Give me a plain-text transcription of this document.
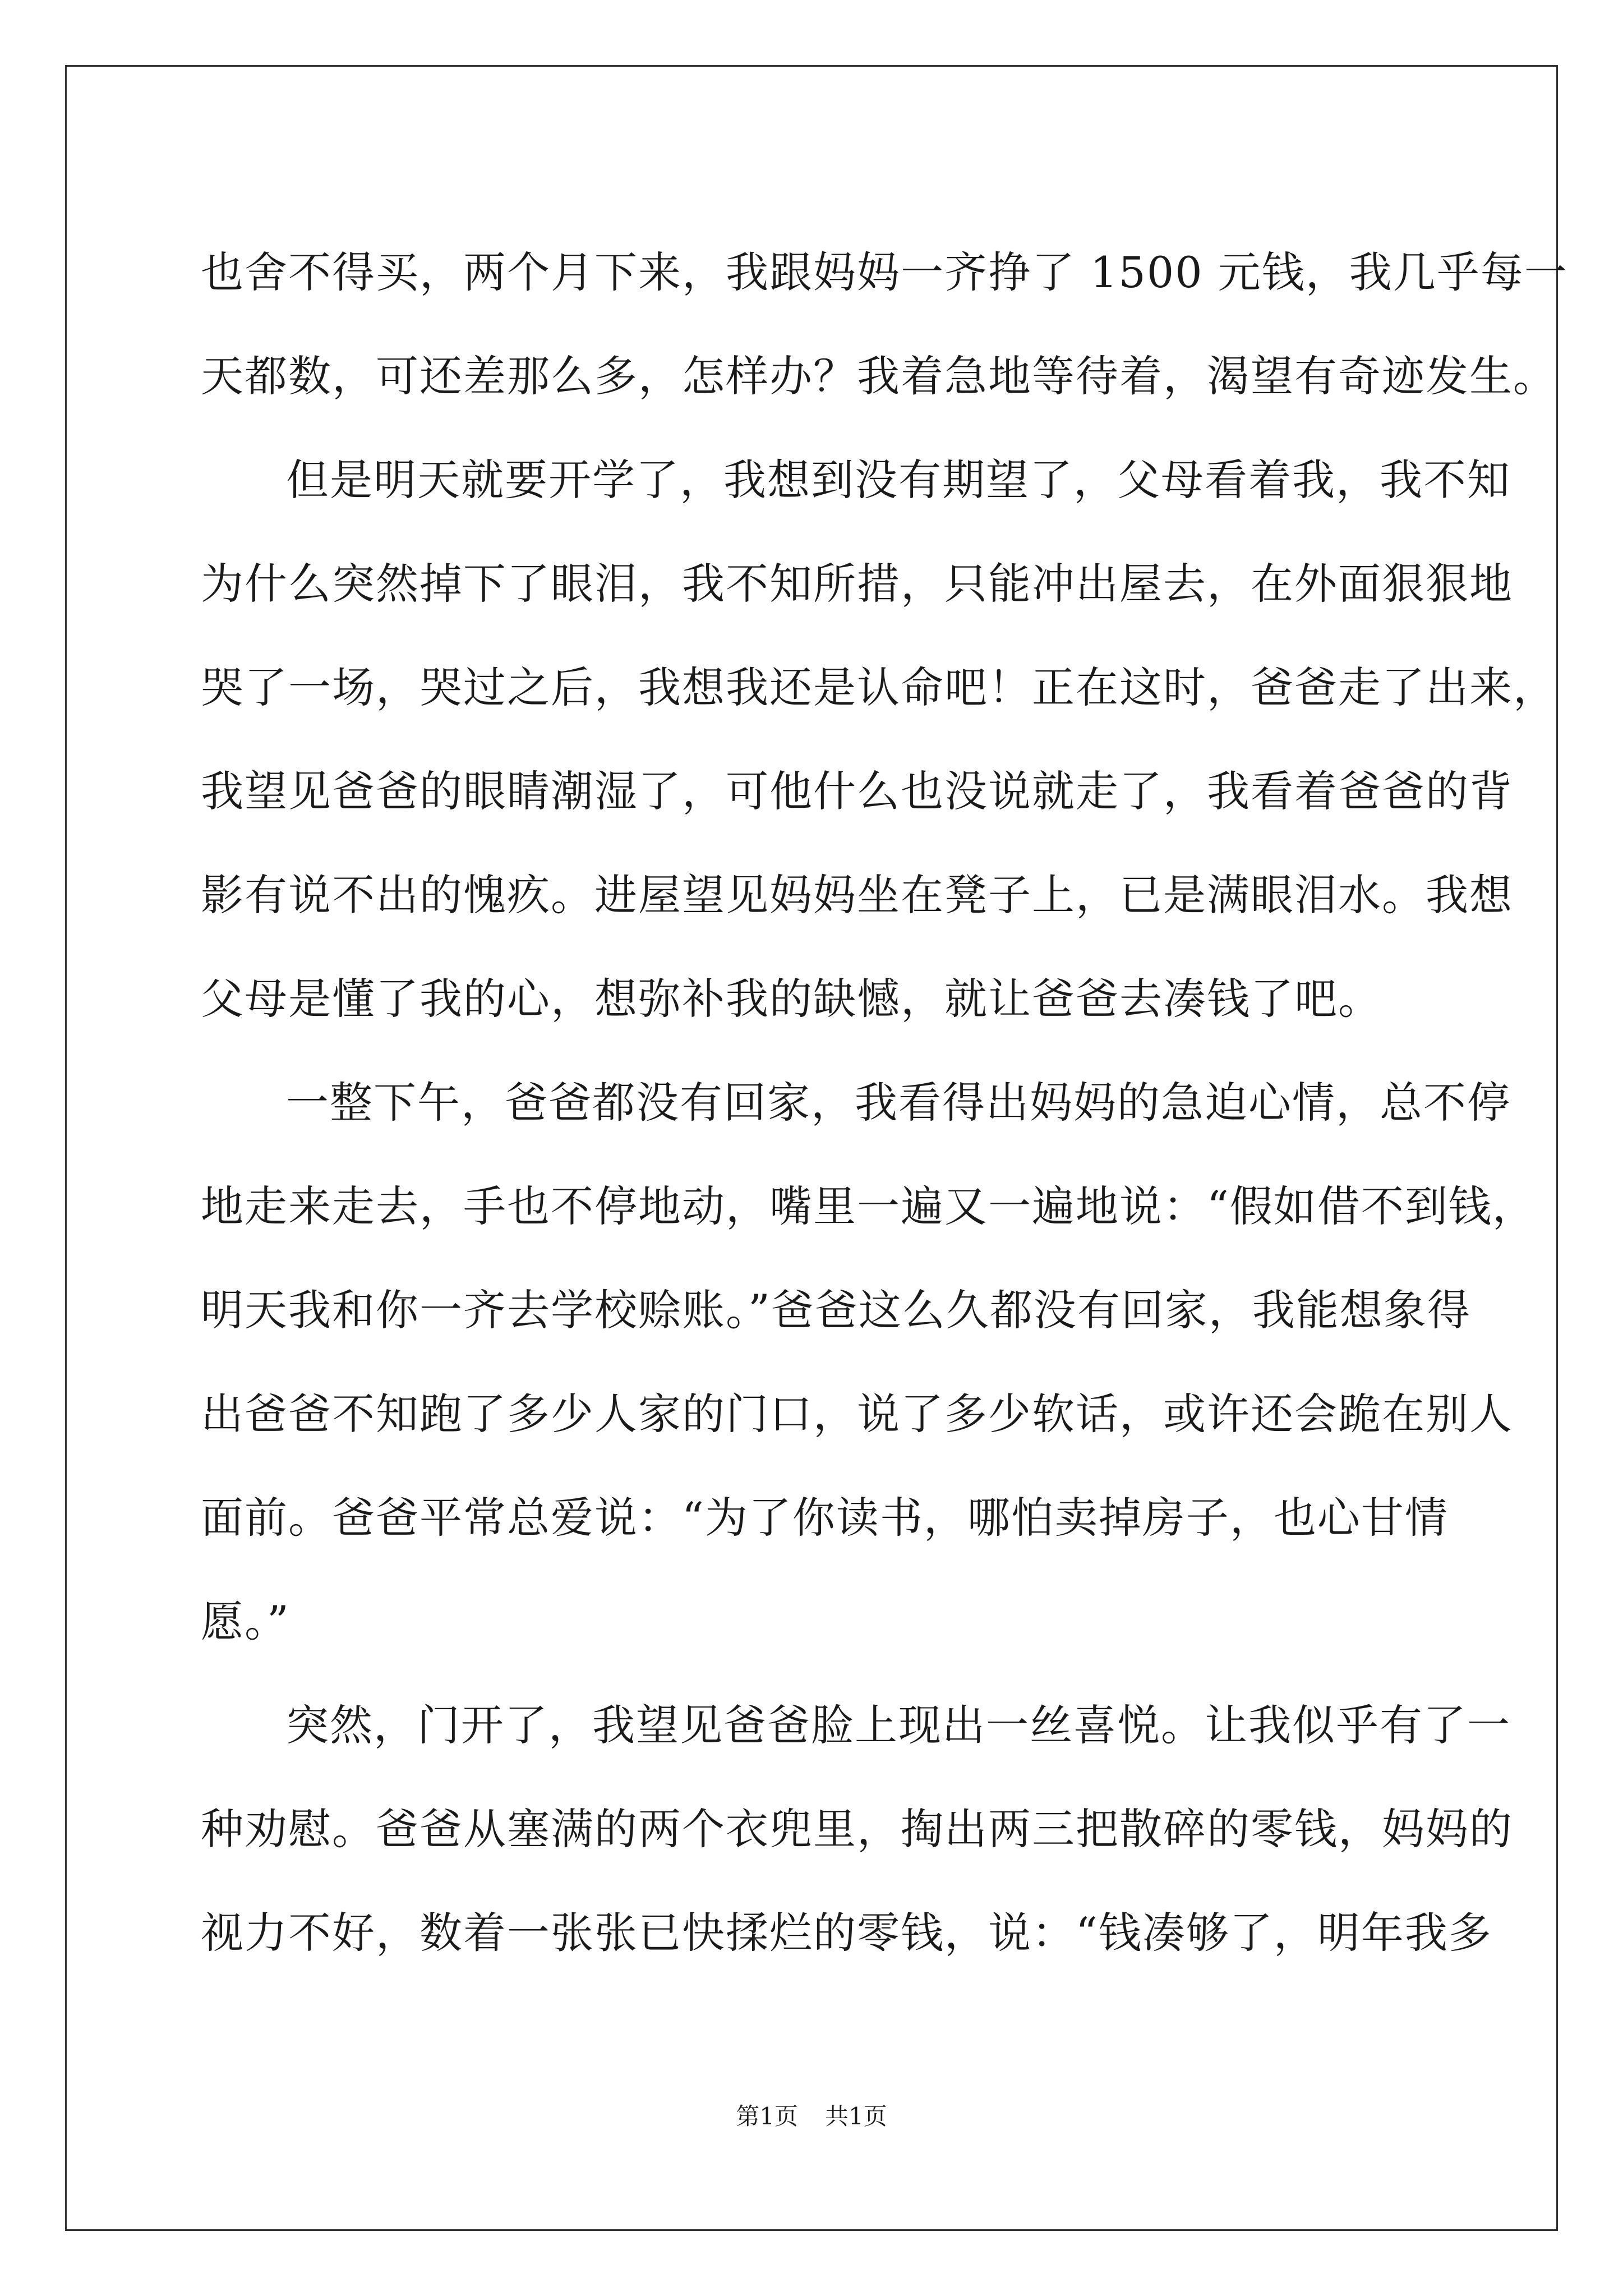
也舍不得买，两个月下来，我跟妈妈一齐挣了 1500 元钱，我几乎每一
天都数，可还差那么多，怎样办？我着急地等待着，渴望有奇迹发生。
但是明天就要开学了，我想到没有期望了，父母看着我，我不知
为什么突然掉下了眼泪，我不知所措，只能冲出屋去，在外面狠狠地
哭了一场，哭过之后，我想我还是认命吧！正在这时，爸爸走了出来，
我望见爸爸的眼睛潮湿了，可他什么也没说就走了，我看着爸爸的背
影有说不出的愧疚。进屋望见妈妈坐在凳子上，已是满眼泪水。我想
父母是懂了我的心，想弥补我的缺憾，就让爸爸去凑钱了吧。
一整下午，爸爸都没有回家，我看得出妈妈的急迫心情，总不停
地走来走去，手也不停地动，嘴里一遍又一遍地说：“假如借不到钱，
明天我和你一齐去学校赊账。”爸爸这么久都没有回家，我能想象得
出爸爸不知跑了多少人家的门口，说了多少软话，或许还会跪在别人
面前。爸爸平常总爱说：“为了你读书，哪怕卖掉房子，也心甘情
愿。”
突然，门开了，我望见爸爸脸上现出一丝喜悦。让我似乎有了一
种劝慰。爸爸从塞满的两个衣兜里，掏出两三把散碎的零钱，妈妈的
视力不好，数着一张张已快揉烂的零钱，说：“钱凑够了，明年我多
第1页 共1页
